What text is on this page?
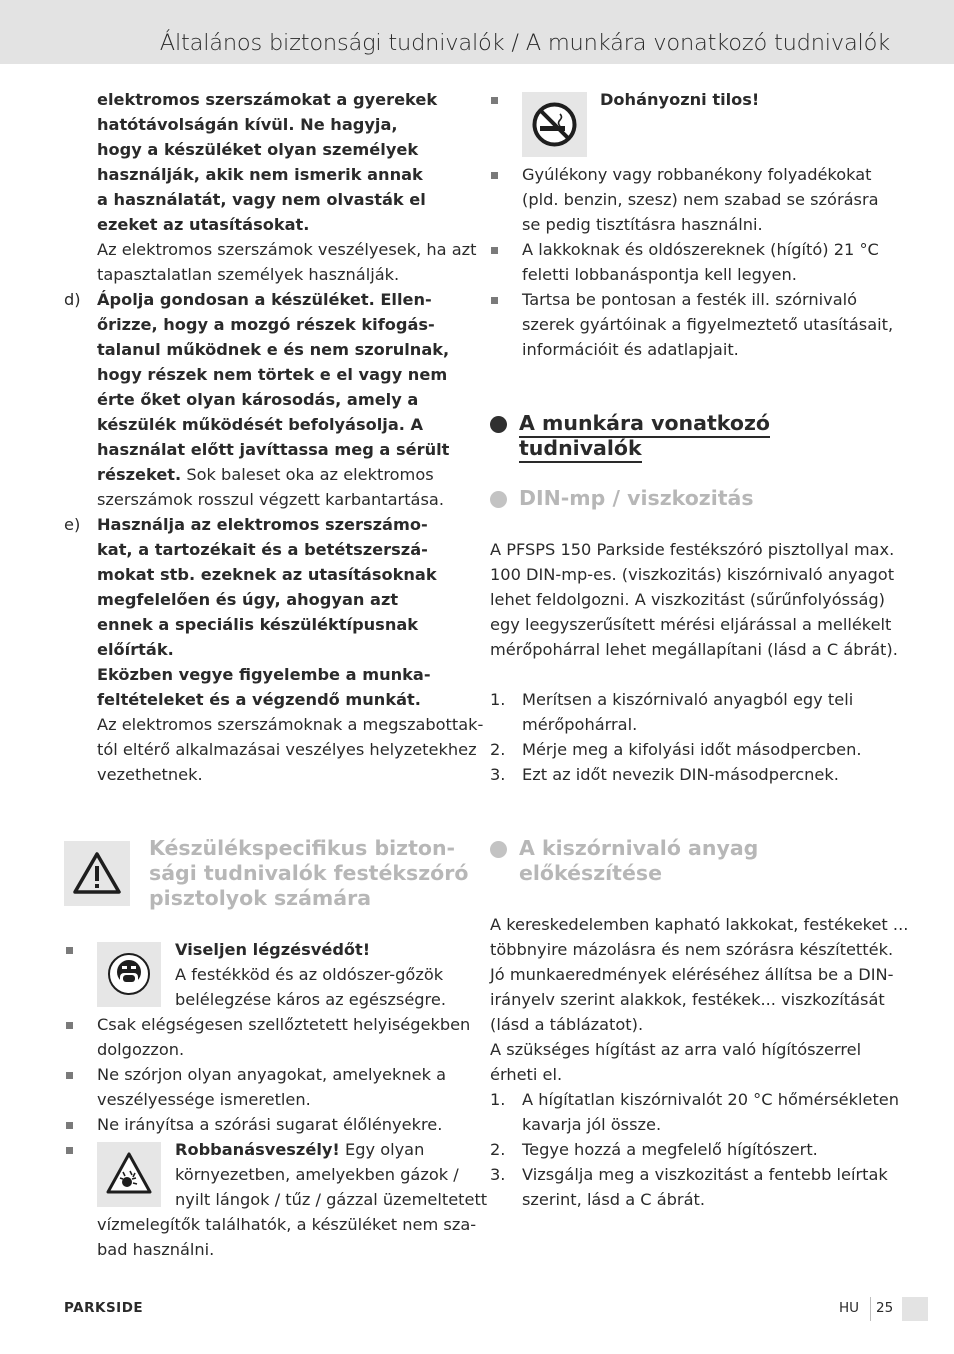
Általános biztonsági tudnivalók / A munkára vonatkozó tudnivalók
elektromos szerszámokat a gyerekek
hatótávolságán kívül. Ne hagyja,
hogy a készüléket olyan személyek
használják, akik nem ismerik annak
a használatát, vagy nem olvasták el
ezeket az utasításokat.
Az elektromos szerszámok veszélyesek, ha azt
tapasztalatlan személyek használják.
d) Ápolja gondosan a készüléket. Ellen-
őrizze, hogy a mozgó részek kifogás-
talanul működnek e és nem szorulnak,
hogy részek nem törtek e el vagy nem
érte őket olyan károsodás, amely a
készülék működését befolyásolja. A
használat előtt javíttassa meg a sérült
részeket. Sok baleset oka az elektromos
szerszámok rosszul végzett karbantartása.
e) Használja az elektromos szerszámo-
kat, a tartozékait és a betétszerszá-
mokat stb. ezeknek az utasításoknak
megfelelően és úgy, ahogyan azt
ennek a speciális készüléktípusnak
előírták.
Eközben vegye figyelembe a munka-
feltételeket és a végzendő munkát.
Az elektromos szerszámoknak a megszabottak-
tól eltérő alkalmazásai veszélyes helyzetekhez
vezethetnek.
Készülékspecifikus bizton-
sági tudnivalók festékszóró
pisztolyok számára
Viseljen légzésvédőt!
A festékköd és az oldószer-gőzök
belélegzése káros az egészségre.
Csak elégségesen szellőztetett helyiségekben
dolgozzon.
Ne szórjon olyan anyagokat, amelyeknek a
veszélyessége ismeretlen.
Ne irányítsa a szórási sugarat élőlényekre.
Robbanásveszély! Egy olyan
környezetben, amelyekben gázok /
nyilt lángok / tűz / gázzal üzemeltetett
vízmelegítők találhatók, a készüléket nem sza-
bad használni.
Dohányozni tilos!
Gyúlékony vagy robbanékony folyadékokat
(pld. benzin, szesz) nem szabad se szórásra
se pedig tisztításra használni.
A lakkoknak és oldószereknek (hígító) 21 °C
feletti lobbanáspontja kell legyen.
Tartsa be pontosan a festék ill. szórnivaló
szerek gyártóinak a figyelmeztető utasításait,
információit és adatlapjait.
A munkára vonatkozó
tudnivalók
DIN-mp / viszkozitás
A PFSPS 150 Parkside festékszóró pisztollyal max.
100 DIN-mp-es. (viszkozitás) kiszórnivaló anyagot
lehet feldolgozni. A viszkozitást (sűrűnfolyósság)
egy leegyszerűsített mérési eljárással a mellékelt
mérőpohárral lehet megállapítani (lásd a C ábrát).
1. Merítsen a kiszórnivaló anyagból egy teli
mérőpohárral.
2. Mérje meg a kifolyási időt másodpercben.
3. Ezt az időt nevezik DIN-másodpercnek.
A kiszórnivaló anyag
előkészítése
A kereskedelemben kapható lakkokat, festékeket ...
többnyire mázolásra és nem szórásra készítették.
Jó munkaeredmények eléréséhez állítsa be a DIN-
irányelv szerint alakkok, festékek... viszkozítását
(lásd a táblázatot).
A szükséges hígítást az arra való hígítószerrel
érheti el.
1. A hígítatlan kiszórnivalót 20 °C hőmérsékleten
kavarja jól össze.
2. Tegye hozzá a megfelelő hígítószert.
3. Vizsgálja meg a viszkozitást a fentebb leírtak
szerint, lásd a C ábrát.
PARKSIDE	HU 25
